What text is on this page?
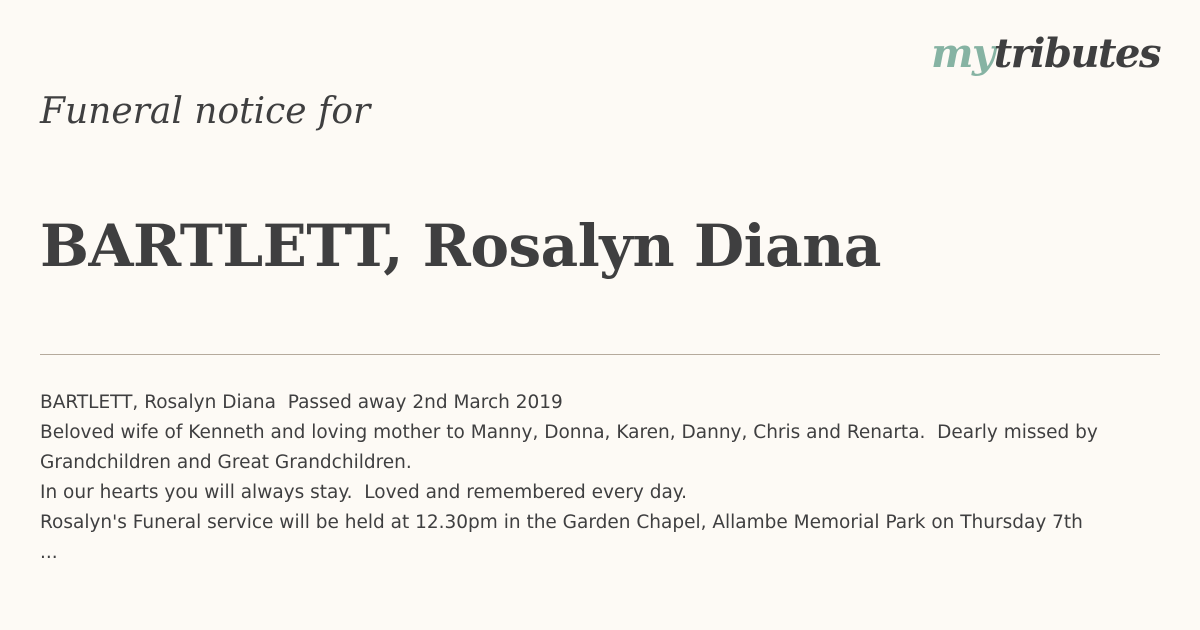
mytributes
Funeral notice for
BARTLETT, Rosalyn Diana
BARTLETT, Rosalyn Diana  Passed away 2nd March 2019
Beloved wife of Kenneth and loving mother to Manny, Donna, Karen, Danny, Chris and Renarta.  Dearly missed by
Grandchildren and Great Grandchildren.
In our hearts you will always stay.  Loved and remembered every day.
Rosalyn's Funeral service will be held at 12.30pm in the Garden Chapel, Allambe Memorial Park on Thursday 7th
...
